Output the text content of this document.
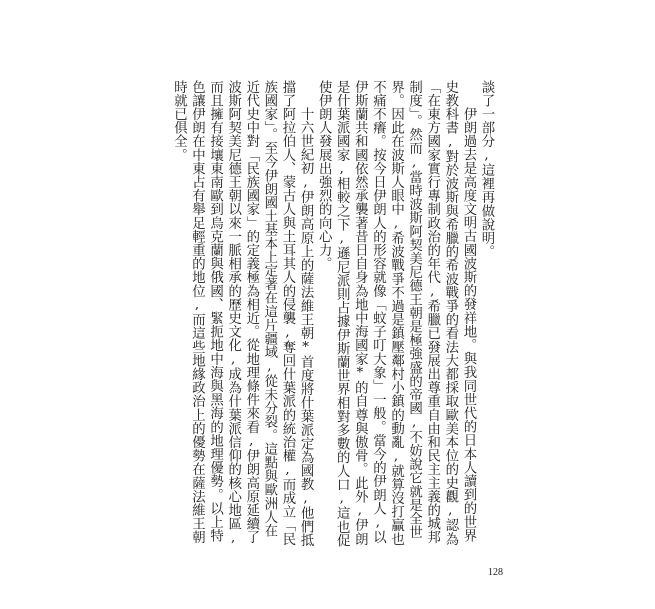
談了一部分,這裡再做說明。

伊朗過去是高度文明古國波斯的發祥地。與我同世代的日本人讀到的世界史教科書,對於波斯與希臘的希波戰爭的看法大都採取歐美本位的史觀,認為「在東方國家實行專制政治的年代,希臘已發展出尊重自由和民主主義的城邦制度」。然而,當時波斯阿契美尼德王朝是極強盛的帝國,不妨說它就是全世界。因此在波斯人眼中,希波戰爭不過是鎮壓鄰村小鎮的動亂,就算沒打贏也不痛不癢。按今日伊朗人的形容就像「蚊子叮大象」一般。當今的伊朗人,以伊斯蘭共和國依然承襲著昔日自身為地中海國家*的自尊與傲骨。此外,伊朗是什葉派國家,相較之下,遜尼派則占據伊斯蘭世界相對多數的人口,這也促使伊朗人發展出強烈的向心力。

十六世紀初,伊朗高原上的薩法維王朝*首度將什葉派定為國教,他們抵擋了阿拉伯人、蒙古人與土耳其人的侵襲,奪回什葉派的統治權,而成立「民族國家」。至今伊朗國土基本上定著在這片疆域,從未分裂。這點與歐洲人在近代史中對「民族國家」的定義極為相近。從地理條件來看,伊朗高原延續了波斯阿契美尼德王朝以來一脈相承的歷史文化,成為什葉派信仰的核心地區,而且擁有接壤東南歐到烏克蘭與俄國、緊扼地中海與黑海的地理優勢。以上特色讓伊朗在中東占有舉足輕重的地位,而這些地緣政治上的優勢在薩法維王朝時就已俱全。

128
